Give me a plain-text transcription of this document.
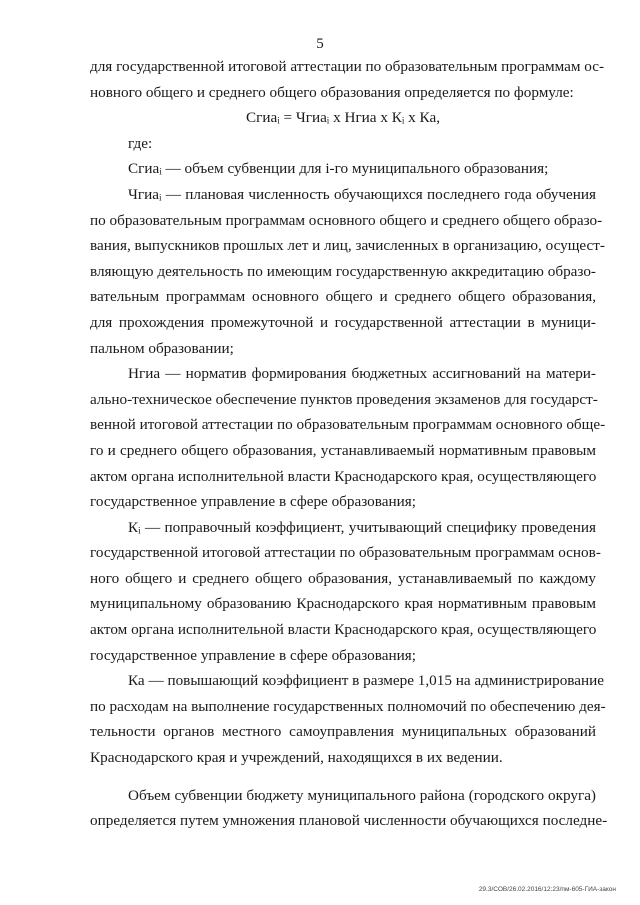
5
для государственной итоговой аттестации по образовательным программам ос-
новного общего и среднего общего образования определяется по формуле:
Сгиаᵢ = Чгиаᵢ х Нгиа х Кᵢ х Ка,
где:
Сгиаᵢ — объем субвенции для i-го муниципального образования;
Чгиаᵢ — плановая численность обучающихся последнего года обучения
по образовательным программам основного общего и среднего общего образо-
вания, выпускников прошлых лет и лиц, зачисленных в организацию, осущест-
вляющую деятельность по имеющим государственную аккредитацию образо-
вательным программам основного общего и среднего общего образования,
для прохождения промежуточной и государственной аттестации в муници-
пальном образовании;
Нгиа — норматив формирования бюджетных ассигнований на матери-
ально-техническое обеспечение пунктов проведения экзаменов для государст-
венной итоговой аттестации по образовательным программам основного обще-
го и среднего общего образования, устанавливаемый нормативным правовым
актом органа исполнительной власти Краснодарского края, осуществляющего
государственное управление в сфере образования;
Кᵢ — поправочный коэффициент, учитывающий специфику проведения
государственной итоговой аттестации по образовательным программам основ-
ного общего и среднего общего образования, устанавливаемый по каждому
муниципальному образованию Краснодарского края нормативным правовым
актом органа исполнительной власти Краснодарского края, осуществляющего
государственное управление в сфере образования;
Ка — повышающий коэффициент в размере 1,015 на администрирование
по расходам на выполнение государственных полномочий по обеспечению дея-
тельности органов местного самоуправления муниципальных образований
Краснодарского края и учреждений, находящихся в их ведении.
Объем субвенции бюджету муниципального района (городского округа)
определяется путем умножения плановой численности обучающихся последне-
29.3/СОВ/26.02.2016/12:23/пм-605-ГИА-закон
